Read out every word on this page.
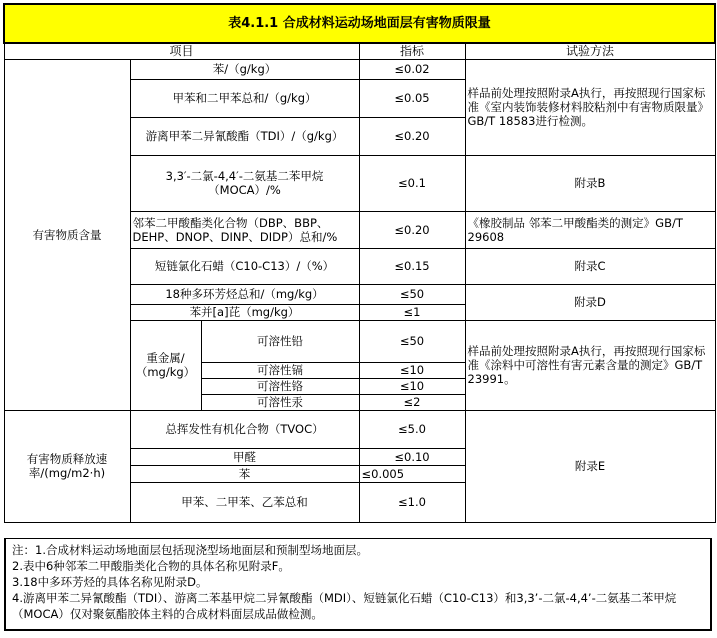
表4.1.1 合成材料运动场地面层有害物质限量				
项目			指标	试验方法
有害物质含量	苯/（g/kg）		≤0.02	样品前处理按照附录A执行，再按照现行国家标准《室内装饰装修材料胶粘剂中有害物质限量》GB/T 18583进行检测。
	甲苯和二甲苯总和/（g/kg）		≤0.05	
	游离甲苯二异氰酸酯（TDI）/（g/kg）		≤0.20	
	3,3′-二氯-4,4′-二氨基二苯甲烷（MOCA）/%		≤0.1	附录B
	邻苯二甲酸酯类化合物（DBP、BBP、DEHP、DNOP、DINP、DIDP）总和/%		≤0.20	《橡胶制品 邻苯二甲酸酯类的测定》GB/T 29608
	短链氯化石蜡（C10-C13）/（%）		≤0.15	附录C
	18种多环芳烃总和/（mg/kg）		≤50	附录D
	苯并[a]芘（mg/kg）		≤1	
	重金属/（mg/kg）	可溶性铅	≤50	样品前处理按照附录A执行，再按照现行国家标准《涂料中可溶性有害元素含量的测定》GB/T 23991。
		可溶性镉	≤10	
		可溶性铬	≤10	
		可溶性汞	≤2	
有害物质释放速率/(mg/m2·h)	总挥发性有机化合物（TVOC）		≤5.0	附录E
	甲醛		≤0.10	
	苯		≤0.005	
	甲苯、二甲苯、乙苯总和		≤1.0	
注：1.合成材料运动场地面层包括现浇型场地面层和预制型场地面层。
2.表中6种邻苯二甲酸脂类化合物的具体名称见附录F。
3.18中多环芳烃的具体名称见附录D。
4.游离甲苯二异氰酸酯（TDI）、游离二苯基甲烷二异氰酸酯（MDI）、短链氯化石蜡（C10-C13）和3,3’-二氯-4,4’-二氨基二苯甲烷（MOCA）仅对聚氨酯胶体主料的合成材料面层成品做检测。
